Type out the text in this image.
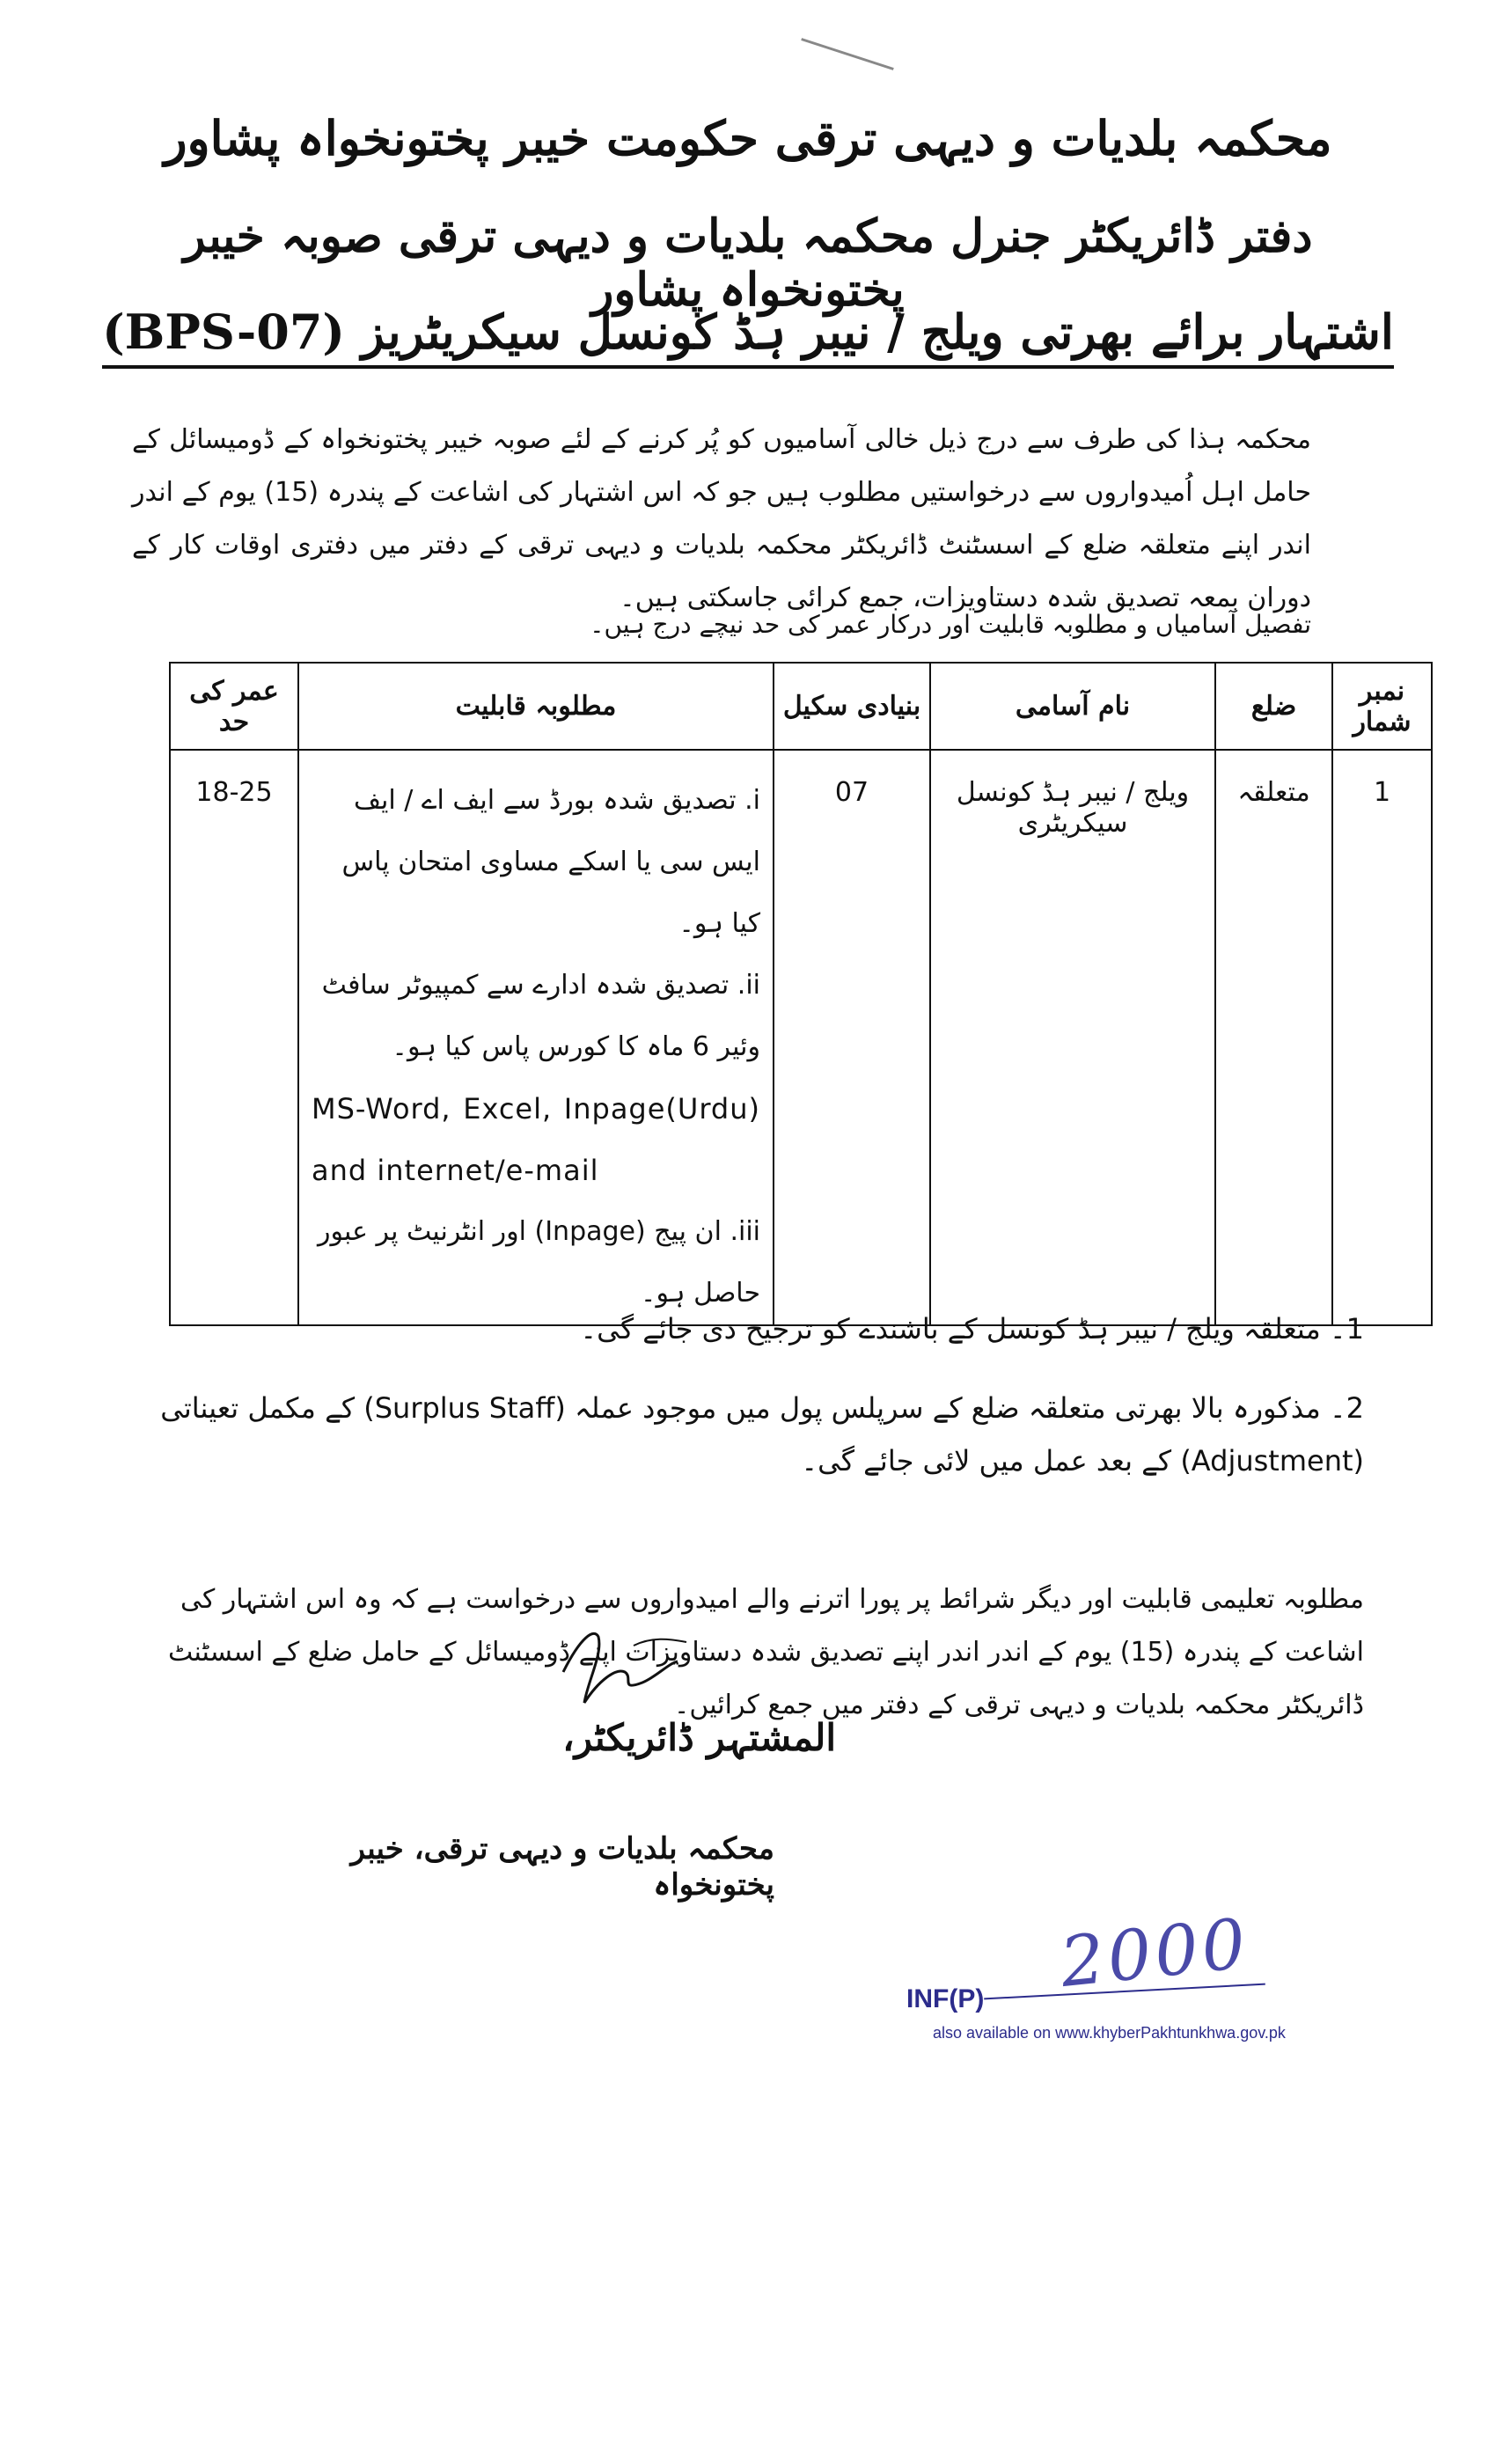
محکمہ بلدیات و دیہی ترقی حکومت خیبر پختونخواہ پشاور
دفتر ڈائریکٹر جنرل محکمہ بلدیات و دیہی ترقی صوبہ خیبر پختونخواہ پشاور
اشتہار برائے بھرتی ویلج / نیبر ہڈ کونسل سیکریٹریز (BPS-07)
محکمہ ہذا کی طرف سے درج ذیل خالی آسامیوں کو پُر کرنے کے لئے صوبہ خیبر پختونخواہ کے ڈومیسائل کے حامل اہل اُمیدواروں سے درخواستیں مطلوب ہیں جو کہ اس اشتہار کی اشاعت کے پندرہ (15) یوم کے اندر اندر اپنے متعلقہ ضلع کے اسسٹنٹ ڈائریکٹر محکمہ بلدیات و دیہی ترقی کے دفتر میں دفتری اوقات کار کے دوران بمعہ تصدیق شدہ دستاویزات، جمع کرائی جاسکتی ہیں۔
تفصیل آسامیاں و مطلوبہ قابلیت اور درکار عمر کی حد نیچے درج ہیں۔
نمبر شمار	ضلع	نام آسامی	بنیادی سکیل	مطلوبہ قابلیت	عمر کی حد
1	متعلقہ	ویلج / نیبر ہڈ کونسل سیکریٹری	07	i. تصدیق شدہ بورڈ سے ایف اے / ایف ایس سی یا اسکے مساوی امتحان پاس کیا ہو۔
ii. تصدیق شدہ ادارے سے کمپیوٹر سافٹ وئیر 6 ماہ کا کورس پاس کیا ہو۔
MS-Word, Excel, Inpage(Urdu) and internet/e-mail
iii. ان پیج (Inpage) اور انٹرنیٹ پر عبور حاصل ہو۔	18-25
1۔ متعلقہ ویلج / نیبر ہڈ کونسل کے باشندے کو ترجیح دی جائے گی۔
2۔ مذکورہ بالا بھرتی متعلقہ ضلع کے سرپلس پول میں موجود عملہ (Surplus Staff) کے مکمل تعیناتی (Adjustment) کے بعد عمل میں لائی جائے گی۔
مطلوبہ تعلیمی قابلیت اور دیگر شرائط پر پورا اترنے والے امیدواروں سے درخواست ہے کہ وہ اس اشتہار کی اشاعت کے پندرہ (15) یوم کے اندر اندر اپنے تصدیق شدہ دستاویزات اپنے ڈومیسائل کے حامل ضلع کے اسسٹنٹ ڈائریکٹر محکمہ بلدیات و دیہی ترقی کے دفتر میں جمع کرائیں۔
المشتہر ڈائریکٹر،
محکمہ بلدیات و دیہی ترقی، خیبر پختونخواہ
2000
INF(P)
also available on www.khyberPakhtunkhwa.gov.pk
